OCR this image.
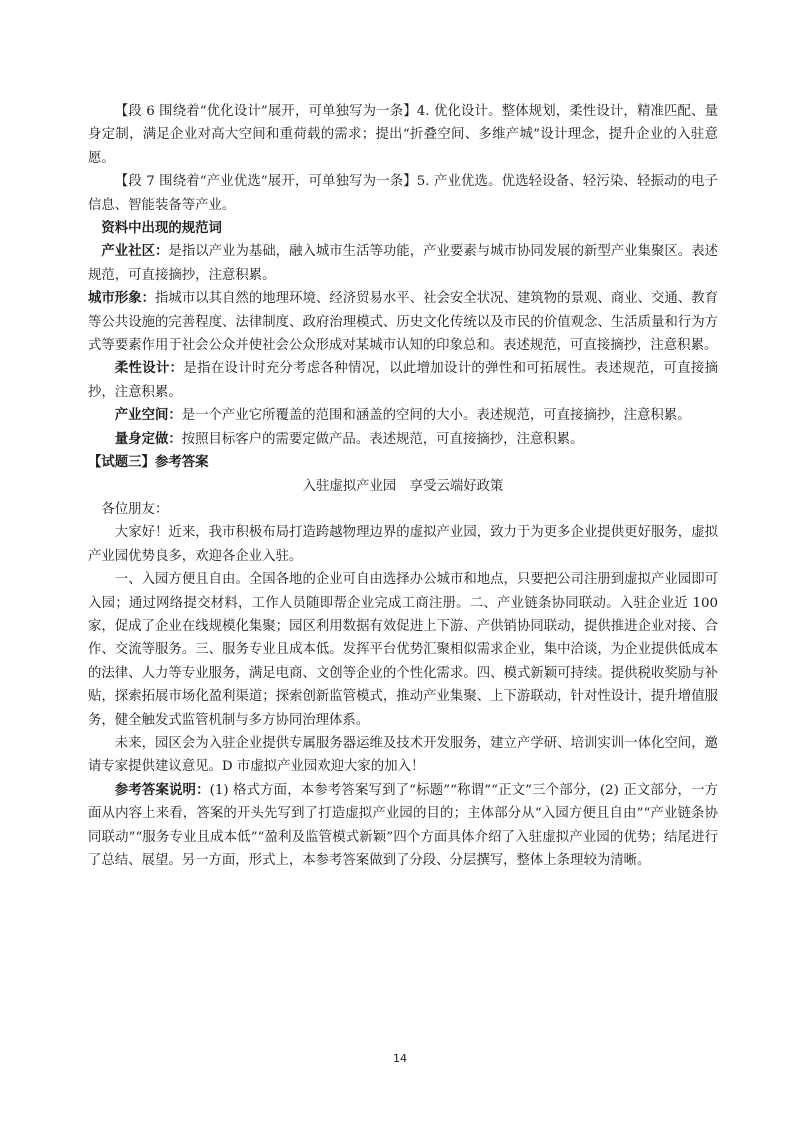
【段 6 围绕着“优化设计”展开，可单独写为一条】4. 优化设计。整体规划，柔性设计，精准匹配、量身定制，满足企业对高大空间和重荷载的需求；提出“折叠空间、多维产城”设计理念，提升企业的入驻意愿。

【段 7 围绕着“产业优选”展开，可单独写为一条】5. 产业优选。优选轻设备、轻污染、轻振动的电子信息、智能装备等产业。

资料中出现的规范词

产业社区：是指以产业为基础，融入城市生活等功能，产业要素与城市协同发展的新型产业集聚区。表述规范，可直接摘抄，注意积累。

城市形象：指城市以其自然的地理环境、经济贸易水平、社会安全状况、建筑物的景观、商业、交通、教育等公共设施的完善程度、法律制度、政府治理模式、历史文化传统以及市民的价值观念、生活质量和行为方式等要素作用于社会公众并使社会公众形成对某城市认知的印象总和。表述规范，可直接摘抄，注意积累。

柔性设计：是指在设计时充分考虑各种情况，以此增加设计的弹性和可拓展性。表述规范，可直接摘抄，注意积累。

产业空间：是一个产业它所覆盖的范围和涵盖的空间的大小。表述规范，可直接摘抄，注意积累。

量身定做：按照目标客户的需要定做产品。表述规范，可直接摘抄，注意积累。

【试题三】参考答案

入驻虚拟产业园　享受云端好政策

各位朋友：

大家好！近来，我市积极布局打造跨越物理边界的虚拟产业园，致力于为更多企业提供更好服务，虚拟产业园优势良多，欢迎各企业入驻。

一、入园方便且自由。全国各地的企业可自由选择办公城市和地点，只要把公司注册到虚拟产业园即可入园；通过网络提交材料，工作人员随即帮企业完成工商注册。二、产业链条协同联动。入驻企业近 100 家，促成了企业在线规模化集聚；园区利用数据有效促进上下游、产供销协同联动，提供推进企业对接、合作、交流等服务。三、服务专业且成本低。发挥平台优势汇聚相似需求企业，集中洽谈，为企业提供低成本的法律、人力等专业服务，满足电商、文创等企业的个性化需求。四、模式新颖可持续。提供税收奖励与补贴，探索拓展市场化盈利渠道；探索创新监管模式，推动产业集聚、上下游联动，针对性设计，提升增值服务，健全触发式监管机制与多方协同治理体系。

未来，园区会为入驻企业提供专属服务器运维及技术开发服务，建立产学研、培训实训一体化空间，邀请专家提供建议意见。D 市虚拟产业园欢迎大家的加入！

参考答案说明：(1) 格式方面，本参考答案写到了“标题”“称谓”“正文”三个部分，(2) 正文部分，一方面从内容上来看，答案的开头先写到了打造虚拟产业园的目的；主体部分从“入园方便且自由”“产业链条协同联动”“服务专业且成本低”“盈利及监管模式新颖”四个方面具体介绍了入驻虚拟产业园的优势；结尾进行了总结、展望。另一方面，形式上，本参考答案做到了分段、分层撰写，整体上条理较为清晰。

14
